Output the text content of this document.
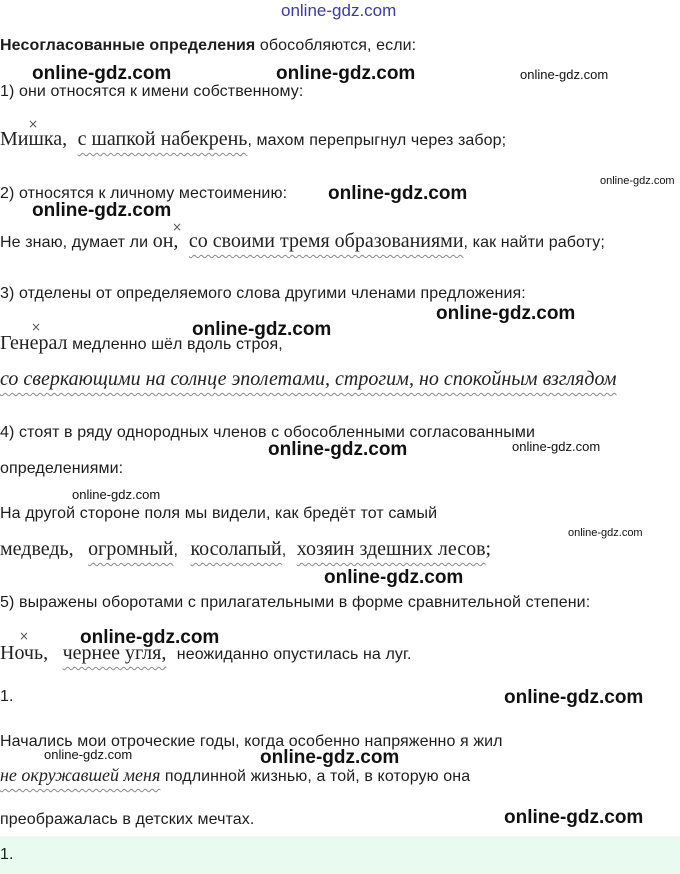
online-gdz.com
Несогласованные определения обособляются, если:
1) они относятся к имени собственному:
×
Мишка, с шапкой набекрень, махом перепрыгнул через забор;
2) относятся к личному местоимению:
×
Не знаю, думает ли он, со своими тремя образованиями, как найти работу;
3) отделены от определяемого слова другими членами предложения:
×
Генерал медленно шёл вдоль строя,
со сверкающими на солнце эполетами, строгим, но спокойным взглядом
4) стоят в ряду однородных членов с обособленными согласованными
определениями:
На другой стороне поля мы видели, как бредёт тот самый
медведь, огромный, косолапый, хозяин здешних лесов;
5) выражены оборотами с прилагательными в форме сравнительной степени:
×
Ночь, чернее угля, неожиданно опустилась на луг.
1.
Начались мои отроческие годы, когда особенно напряженно я жил
не окружавшей меня подлинной жизнью, а той, в которую она
преображалась в детских мечтах.
1.
online-gdz.com	online-gdz.com	online-gdz.com
online-gdz.com
online-gdz.com
online-gdz.com
online-gdz.com
online-gdz.com
online-gdz.com	online-gdz.com
online-gdz.com
online-gdz.com
online-gdz.com
online-gdz.com
online-gdz.com
online-gdz.com	online-gdz.com
online-gdz.com
